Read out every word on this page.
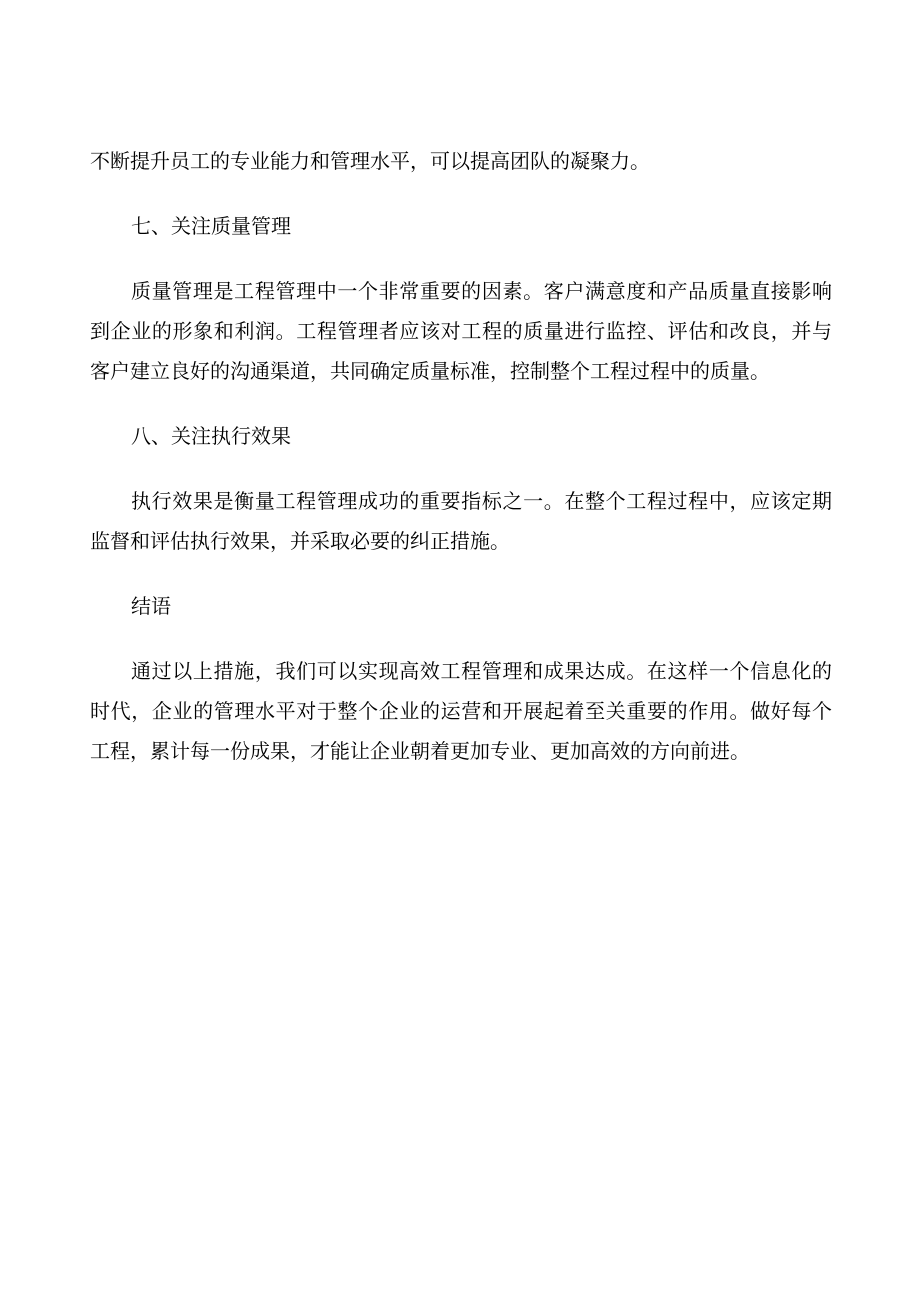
不断提升员工的专业能力和管理水平，可以提高团队的凝聚力。
七、关注质量管理
质量管理是工程管理中一个非常重要的因素。客户满意度和产品质量直接影响
到企业的形象和利润。工程管理者应该对工程的质量进行监控、评估和改良，并与
客户建立良好的沟通渠道，共同确定质量标准，控制整个工程过程中的质量。
八、关注执行效果
执行效果是衡量工程管理成功的重要指标之一。在整个工程过程中，应该定期
监督和评估执行效果，并采取必要的纠正措施。
结语
通过以上措施，我们可以实现高效工程管理和成果达成。在这样一个信息化的
时代，企业的管理水平对于整个企业的运营和开展起着至关重要的作用。做好每个
工程，累计每一份成果，才能让企业朝着更加专业、更加高效的方向前进。
